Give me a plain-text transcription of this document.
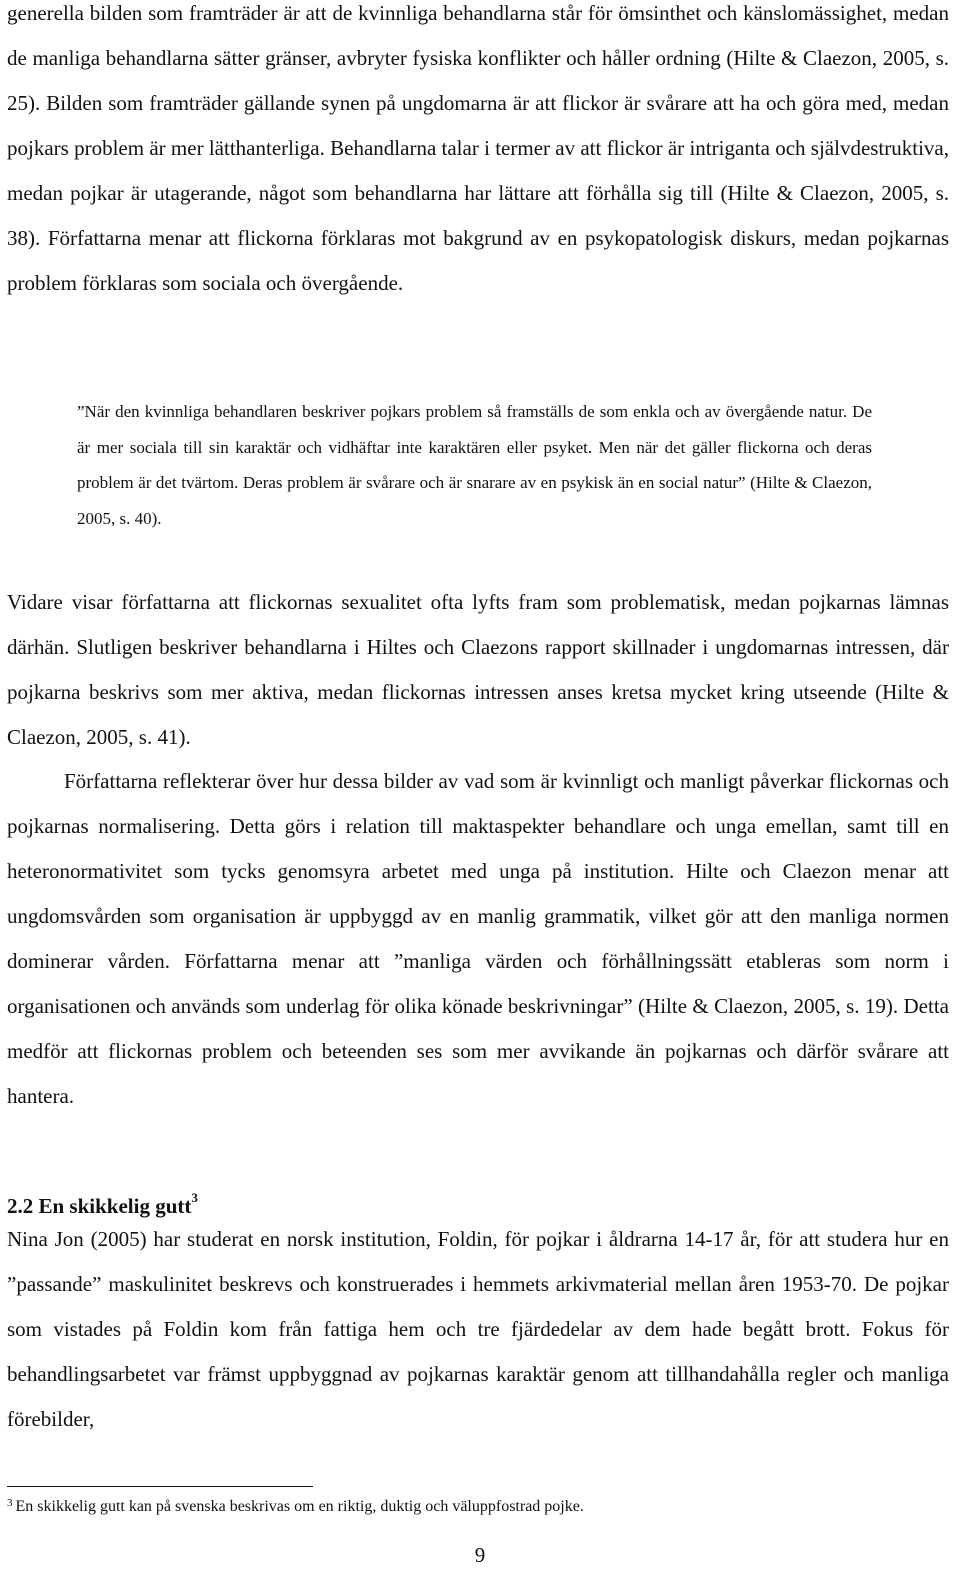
generella bilden som framträder är att de kvinnliga behandlarna står för ömsinthet och känslomässighet, medan de manliga behandlarna sätter gränser, avbryter fysiska konflikter och håller ordning (Hilte & Claezon, 2005, s. 25). Bilden som framträder gällande synen på ungdomarna är att flickor är svårare att ha och göra med, medan pojkars problem är mer lätthanterliga. Behandlarna talar i termer av att flickor är intriganta och självdestruktiva, medan pojkar är utagerande, något som behandlarna har lättare att förhålla sig till (Hilte & Claezon, 2005, s. 38). Författarna menar att flickorna förklaras mot bakgrund av en psykopatologisk diskurs, medan pojkarnas problem förklaras som sociala och övergående.

”När den kvinnliga behandlaren beskriver pojkars problem så framställs de som enkla och av övergående natur. De är mer sociala till sin karaktär och vidhäftar inte karaktären eller psyket. Men när det gäller flickorna och deras problem är det tvärtom. Deras problem är svårare och är snarare av en psykisk än en social natur” (Hilte & Claezon, 2005, s. 40).

Vidare visar författarna att flickornas sexualitet ofta lyfts fram som problematisk, medan pojkarnas lämnas därhän. Slutligen beskriver behandlarna i Hiltes och Claezons rapport skillnader i ungdomarnas intressen, där pojkarna beskrivs som mer aktiva, medan flickornas intressen anses kretsa mycket kring utseende (Hilte & Claezon, 2005, s. 41).

Författarna reflekterar över hur dessa bilder av vad som är kvinnligt och manligt påverkar flickornas och pojkarnas normalisering. Detta görs i relation till maktaspekter behandlare och unga emellan, samt till en heteronormativitet som tycks genomsyra arbetet med unga på institution. Hilte och Claezon menar att ungdomsvården som organisation är uppbyggd av en manlig grammatik, vilket gör att den manliga normen dominerar vården. Författarna menar att ”manliga värden och förhållningssätt etableras som norm i organisationen och används som underlag för olika könade beskrivningar” (Hilte & Claezon, 2005, s. 19). Detta medför att flickornas problem och beteenden ses som mer avvikande än pojkarnas och därför svårare att hantera.

2.2 En skikkelig gutt$^3$

Nina Jon (2005) har studerat en norsk institution, Foldin, för pojkar i åldrarna 14-17 år, för att studera hur en ”passande” maskulinitet beskrevs och konstruerades i hemmets arkivmaterial mellan åren 1953-70. De pojkar som vistades på Foldin kom från fattiga hem och tre fjärdedelar av dem hade begått brott. Fokus för behandlingsarbetet var främst uppbyggnad av pojkarnas karaktär genom att tillhandahålla regler och manliga förebilder,

$^3$ En skikkelig gutt kan på svenska beskrivas om en riktig, duktig och väluppfostrad pojke.

9
